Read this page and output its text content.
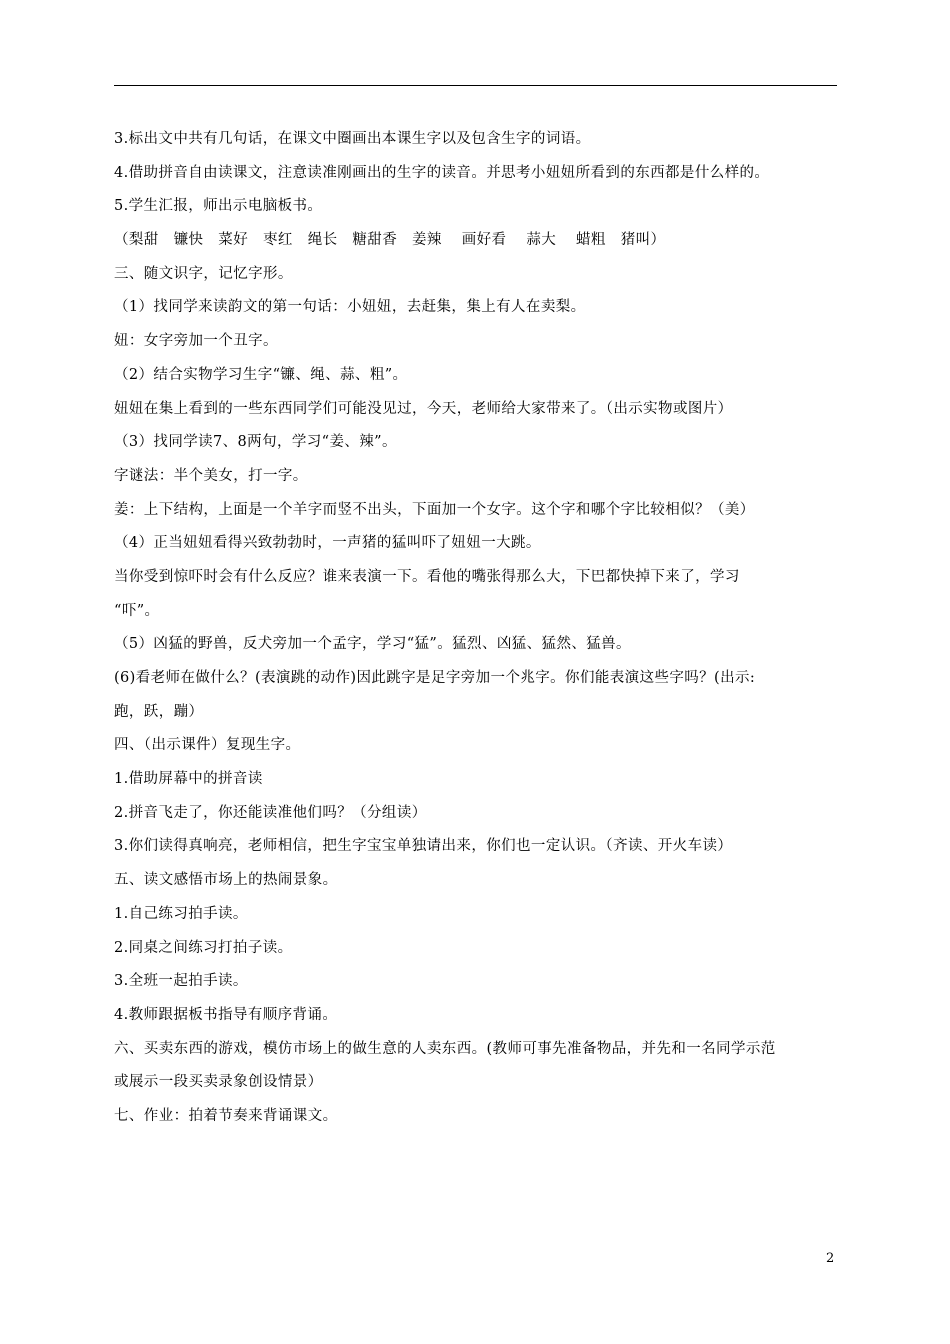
3.标出文中共有几句话，在课文中圈画出本课生字以及包含生字的词语。
4.借助拼音自由读课文，注意读准刚画出的生字的读音。并思考小妞妞所看到的东西都是什么样的。
5.学生汇报，师出示电脑板书。
（梨甜　镰快　菜好　枣红　绳长　糖甜香　姜辣　 画好看　 蒜大　 蜡粗　猪叫）
三、随文识字，记忆字形。
（1）找同学来读韵文的第一句话：小妞妞，去赶集，集上有人在卖梨。
妞：女字旁加一个丑字。
（2）结合实物学习生字“镰、绳、蒜、粗”。
妞妞在集上看到的一些东西同学们可能没见过，今天，老师给大家带来了。（出示实物或图片）
（3）找同学读7、8两句，学习“姜、辣”。
字谜法：半个美女，打一字。
姜：上下结构，上面是一个羊字而竖不出头，下面加一个女字。这个字和哪个字比较相似？（美）
（4）正当妞妞看得兴致勃勃时，一声猪的猛叫吓了妞妞一大跳。
当你受到惊吓时会有什么反应？谁来表演一下。看他的嘴张得那么大，下巴都快掉下来了，学习
“吓”。
（5）凶猛的野兽，反犬旁加一个孟字，学习“猛”。猛烈、凶猛、猛然、猛兽。
(6)看老师在做什么？(表演跳的动作)因此跳字是足字旁加一个兆字。你们能表演这些字吗？(出示:
跑，跃，蹦）
四、（出示课件）复现生字。
1.借助屏幕中的拼音读
2.拼音飞走了，你还能读准他们吗？（分组读）
3.你们读得真响亮，老师相信，把生字宝宝单独请出来，你们也一定认识。（齐读、开火车读）
五、读文感悟市场上的热闹景象。
1.自己练习拍手读。
2.同桌之间练习打拍子读。
3.全班一起拍手读。
4.教师跟据板书指导有顺序背诵。
六、买卖东西的游戏，模仿市场上的做生意的人卖东西。(教师可事先准备物品，并先和一名同学示范
或展示一段买卖录象创设情景）
七、作业：拍着节奏来背诵课文。
2
